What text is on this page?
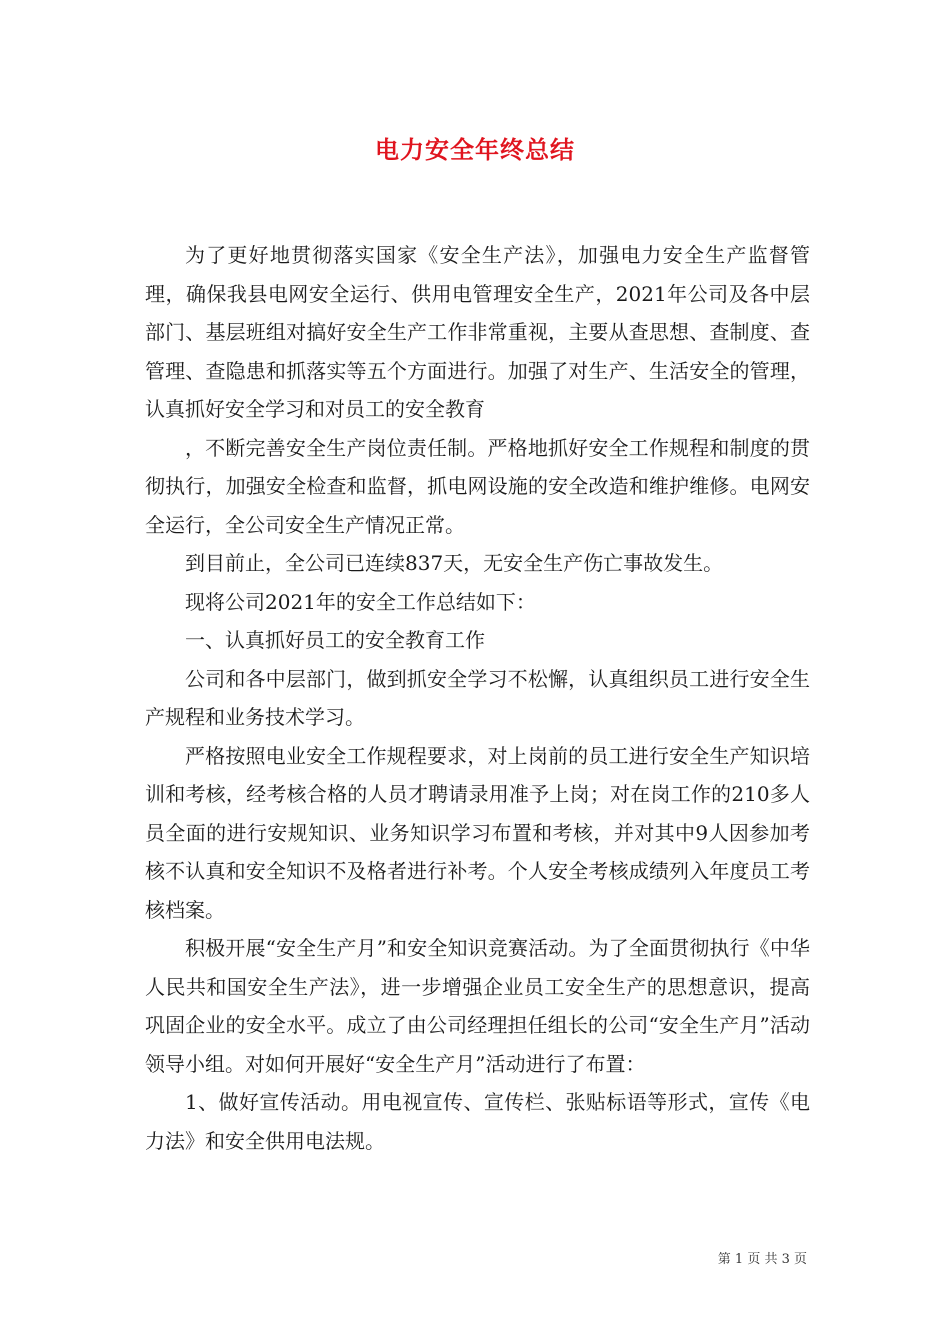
电力安全年终总结

为了更好地贯彻落实国家《安全生产法》，加强电力安全生产监督管理，确保我县电网安全运行、供用电管理安全生产，2021年公司及各中层部门、基层班组对搞好安全生产工作非常重视，主要从查思想、查制度、查管理、查隐患和抓落实等五个方面进行。加强了对生产、生活安全的管理，认真抓好安全学习和对员工的安全教育

，不断完善安全生产岗位责任制。严格地抓好安全工作规程和制度的贯彻执行，加强安全检查和监督，抓电网设施的安全改造和维护维修。电网安全运行，全公司安全生产情况正常。

到目前止，全公司已连续837天，无安全生产伤亡事故发生。

现将公司2021年的安全工作总结如下：

一、认真抓好员工的安全教育工作

公司和各中层部门，做到抓安全学习不松懈，认真组织员工进行安全生产规程和业务技术学习。

严格按照电业安全工作规程要求，对上岗前的员工进行安全生产知识培训和考核，经考核合格的人员才聘请录用准予上岗；对在岗工作的210多人员全面的进行安规知识、业务知识学习布置和考核，并对其中9人因参加考核不认真和安全知识不及格者进行补考。个人安全考核成绩列入年度员工考核档案。

积极开展“安全生产月”和安全知识竞赛活动。为了全面贯彻执行《中华人民共和国安全生产法》，进一步增强企业员工安全生产的思想意识，提高巩固企业的安全水平。成立了由公司经理担任组长的公司“安全生产月”活动领导小组。对如何开展好“安全生产月”活动进行了布置：

1、做好宣传活动。用电视宣传、宣传栏、张贴标语等形式，宣传《电力法》和安全供用电法规。

第 1 页 共 3 页
